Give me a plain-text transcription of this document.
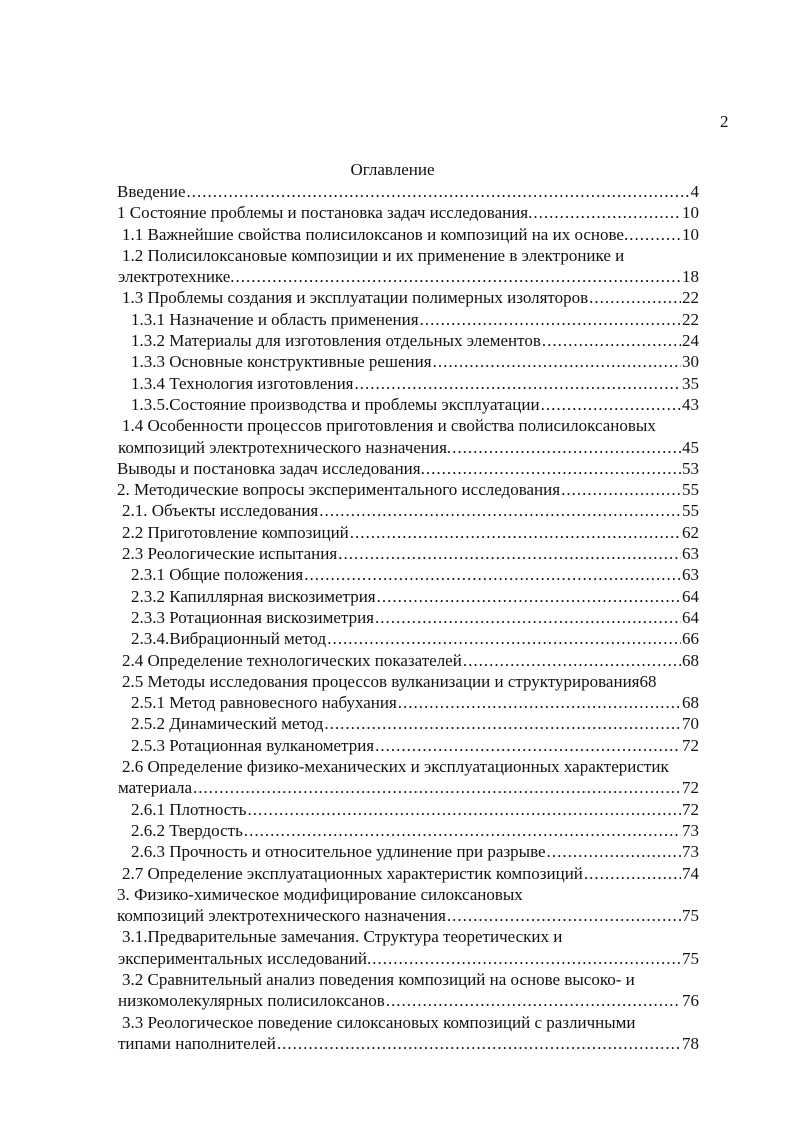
2
Оглавление
Введение .....	4
1 Состояние проблемы и постановка задач исследования. .....	10
1.1 Важнейшие свойства полисилоксанов и композиций на их основе. .....	10
1.2 Полисилоксановые композиции и их применение в электронике и
электротехнике. .....	18
1.3 Проблемы создания и эксплуатации полимерных изоляторов .....	22
1.3.1 Назначение и область применения .....	22
1.3.2 Материалы для изготовления отдельных элементов .....	24
1.3.3 Основные конструктивные решения .....	30
1.3.4 Технология изготовления .....	35
1.3.5.Состояние производства и проблемы эксплуатации .....	43
1.4 Особенности процессов приготовления и свойства полисилоксановых
композиций электротехнического назначения. .....	45
Выводы и постановка задач исследования. .....	53
2. Методические вопросы экспериментального исследования .....	55
2.1. Объекты исследования .....	55
2.2 Приготовление композиций .....	62
2.3 Реологические испытания .....	63
2.3.1 Общие положения .....	63
2.3.2 Капиллярная вискозиметрия .....	64
2.3.3 Ротационная вискозиметрия .....	64
2.3.4.Вибрационный метод .....	66
2.4 Определение технологических показателей .....	68
2.5 Методы исследования процессов вулканизации и структурирования 68
2.5.1 Метод равновесного набухания .....	68
2.5.2 Динамический метод .....	70
2.5.3 Ротационная вулканометрия .....	72
2.6 Определение физико-механических и эксплуатационных характеристик
материала .....	72
2.6.1 Плотность .....	72
2.6.2 Твердость .....	73
2.6.3 Прочность и относительное удлинение при разрыве .....	73
2.7 Определение эксплуатационных характеристик композиций .....	74
3. Физико-химическое модифицирование силоксановых
композиций электротехнического назначения .....	75
3.1.Предварительные замечания. Структура теоретических и
экспериментальных исследований. .....	75
3.2 Сравнительный анализ поведения композиций на основе высоко- и
низкомолекулярных полисилоксанов .....	76
3.3 Реологическое поведение силоксановых композиций с различными
типами наполнителей .....	78
